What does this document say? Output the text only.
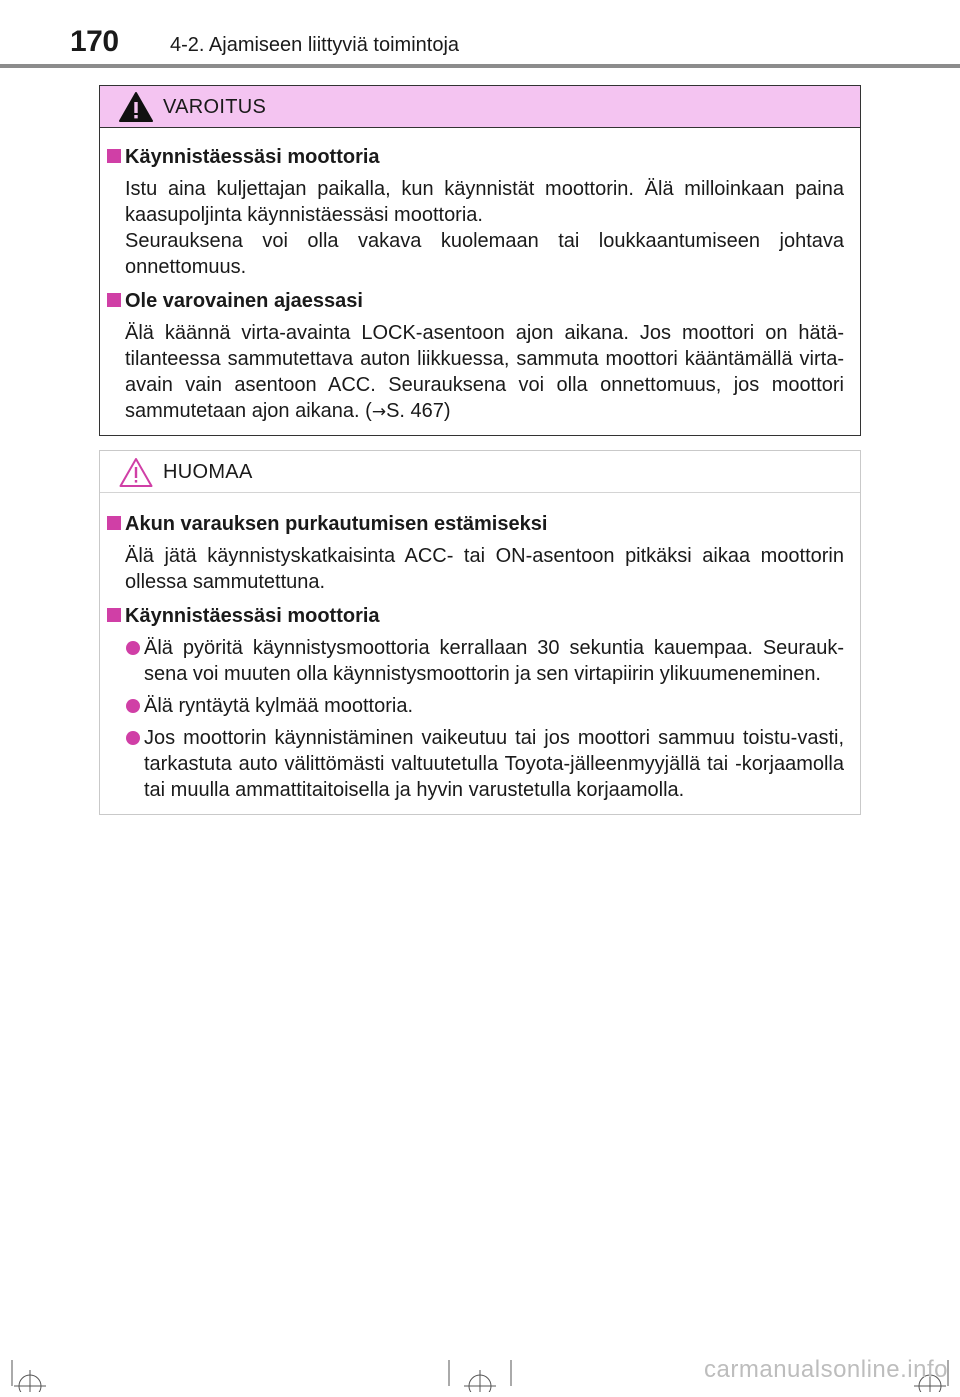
170	4-2. Ajamiseen liittyviä toimintoja
VAROITUS
Käynnistäessäsi moottoria
Istu aina kuljettajan paikalla, kun käynnistät moottorin. Älä milloinkaan paina kaasupoljinta käynnistäessäsi moottoria.
Seurauksena voi olla vakava kuolemaan tai loukkaantumiseen johtava onnettomuus.
Ole varovainen ajaessasi
Älä käännä virta-avainta LOCK-asentoon ajon aikana. Jos moottori on hätä-tilanteessa sammutettava auton liikkuessa, sammuta moottori kääntämällä virta-avain vain asentoon ACC. Seurauksena voi olla onnettomuus, jos moottori sammutetaan ajon aikana. (→S. 467)
HUOMAA
Akun varauksen purkautumisen estämiseksi
Älä jätä käynnistyskatkaisinta ACC- tai ON-asentoon pitkäksi aikaa moottorin ollessa sammutettuna.
Käynnistäessäsi moottoria
Älä pyöritä käynnistysmoottoria kerrallaan 30 sekuntia kauempaa. Seurauk-sena voi muuten olla käynnistysmoottorin ja sen virtapiirin ylikuumeneminen.
Älä ryntäytä kylmää moottoria.
Jos moottorin käynnistäminen vaikeutuu tai jos moottori sammuu toistu-vasti, tarkastuta auto välittömästi valtuutetulla Toyota-jälleenmyyjällä tai -korjaamolla tai muulla ammattitaitoisella ja hyvin varustetulla korjaamolla.
carmanualsonline.info
